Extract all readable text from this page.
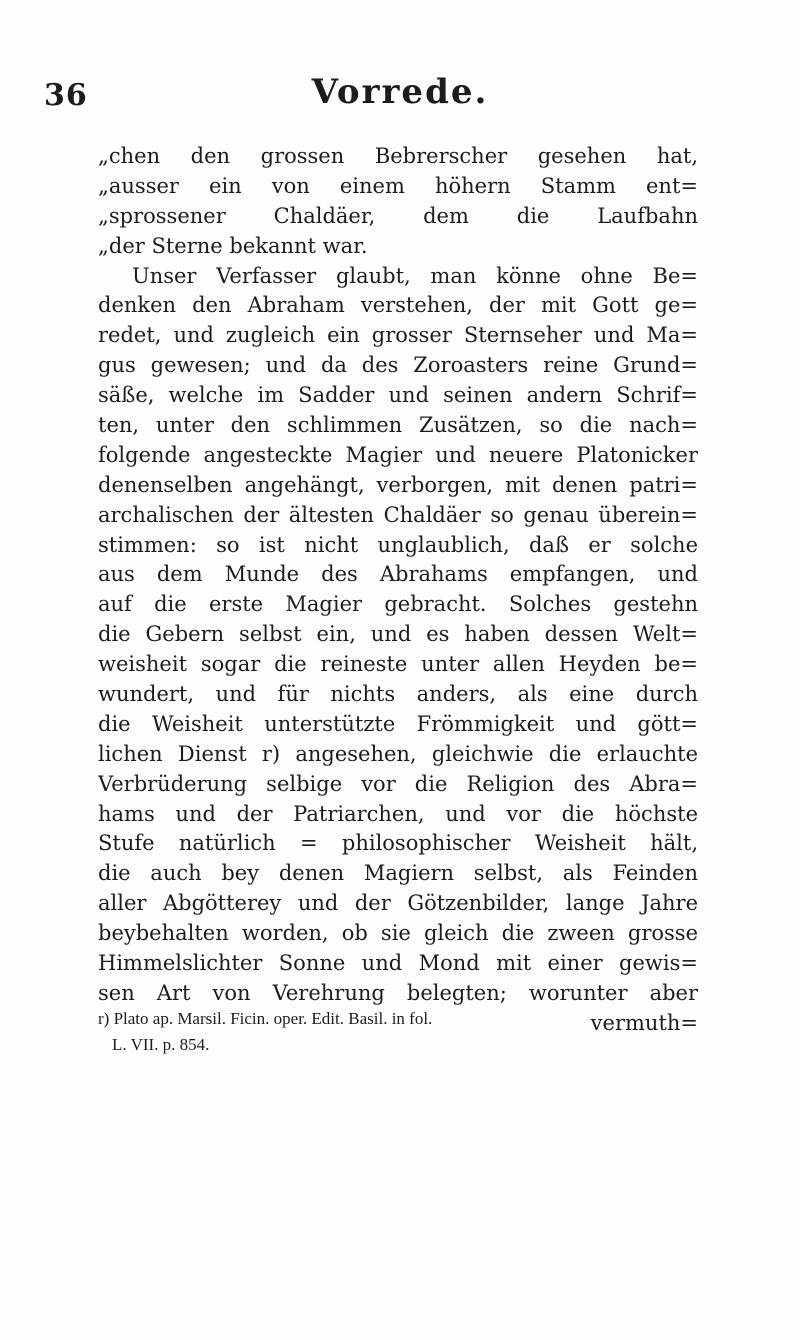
36	Vorrede.
„chen den grossen Bebrerscher gesehen hat,
„ausser ein von einem höhern Stamm ent=
„sprossener Chaldäer, dem die Laufbahn
„der Sterne bekannt war.
Unser Verfasser glaubt, man könne ohne Be=
denken den Abraham verstehen, der mit Gott ge=
redet, und zugleich ein grosser Sternseher und Ma=
gus gewesen; und da des Zoroasters reine Grund=
säße, welche im Sadder und seinen andern Schrif=
ten, unter den schlimmen Zusätzen, so die nach=
folgende angesteckte Magier und neuere Platonicker
denenselben angehängt, verborgen, mit denen patri=
archalischen der ältesten Chaldäer so genau überein=
stimmen: so ist nicht unglaublich, daß er solche
aus dem Munde des Abrahams empfangen, und
auf die erste Magier gebracht. Solches gestehn
die Gebern selbst ein, und es haben dessen Welt=
weisheit sogar die reineste unter allen Heyden be=
wundert, und für nichts anders, als eine durch
die Weisheit unterstützte Frömmigkeit und gött=
lichen Dienst r) angesehen, gleichwie die erlauchte
Verbrüderung selbige vor die Religion des Abra=
hams und der Patriarchen, und vor die höchste
Stufe natürlich = philosophischer Weisheit hält,
die auch bey denen Magiern selbst, als Feinden
aller Abgötterey und der Götzenbilder, lange Jahre
beybehalten worden, ob sie gleich die zween grosse
Himmelslichter Sonne und Mond mit einer gewis=
sen Art von Verehrung belegten; worunter aber
vermuth=
r) Plato ap. Marsil. Ficin. oper. Edit. Basil. in fol.
L. VII. p. 854.
